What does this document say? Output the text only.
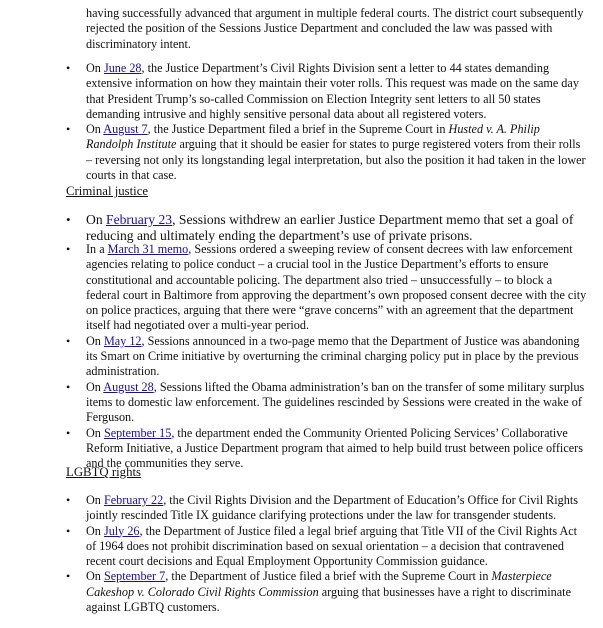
having successfully advanced that argument in multiple federal courts. The district court subsequently rejected the position of the Sessions Justice Department and concluded the law was passed with discriminatory intent.
• On June 28, the Justice Department’s Civil Rights Division sent a letter to 44 states demanding extensive information on how they maintain their voter rolls. This request was made on the same day that President Trump’s so-called Commission on Election Integrity sent letters to all 50 states demanding intrusive and highly sensitive personal data about all registered voters.
• On August 7, the Justice Department filed a brief in the Supreme Court in Husted v. A. Philip Randolph Institute arguing that it should be easier for states to purge registered voters from their rolls – reversing not only its longstanding legal interpretation, but also the position it had taken in the lower courts in that case.
Criminal justice
• On February 23, Sessions withdrew an earlier Justice Department memo that set a goal of reducing and ultimately ending the department’s use of private prisons.
• In a March 31 memo, Sessions ordered a sweeping review of consent decrees with law enforcement agencies relating to police conduct – a crucial tool in the Justice Department’s efforts to ensure constitutional and accountable policing. The department also tried – unsuccessfully – to block a federal court in Baltimore from approving the department’s own proposed consent decree with the city on police practices, arguing that there were “grave concerns” with an agreement that the department itself had negotiated over a multi-year period.
• On May 12, Sessions announced in a two-page memo that the Department of Justice was abandoning its Smart on Crime initiative by overturning the criminal charging policy put in place by the previous administration.
• On August 28, Sessions lifted the Obama administration’s ban on the transfer of some military surplus items to domestic law enforcement. The guidelines rescinded by Sessions were created in the wake of Ferguson.
• On September 15, the department ended the Community Oriented Policing Services’ Collaborative Reform Initiative, a Justice Department program that aimed to help build trust between police officers and the communities they serve.
LGBTQ rights
• On February 22, the Civil Rights Division and the Department of Education’s Office for Civil Rights jointly rescinded Title IX guidance clarifying protections under the law for transgender students.
• On July 26, the Department of Justice filed a legal brief arguing that Title VII of the Civil Rights Act of 1964 does not prohibit discrimination based on sexual orientation – a decision that contravened recent court decisions and Equal Employment Opportunity Commission guidance.
• On September 7, the Department of Justice filed a brief with the Supreme Court in Masterpiece Cakeshop v. Colorado Civil Rights Commission arguing that businesses have a right to discriminate against LGBTQ customers.
